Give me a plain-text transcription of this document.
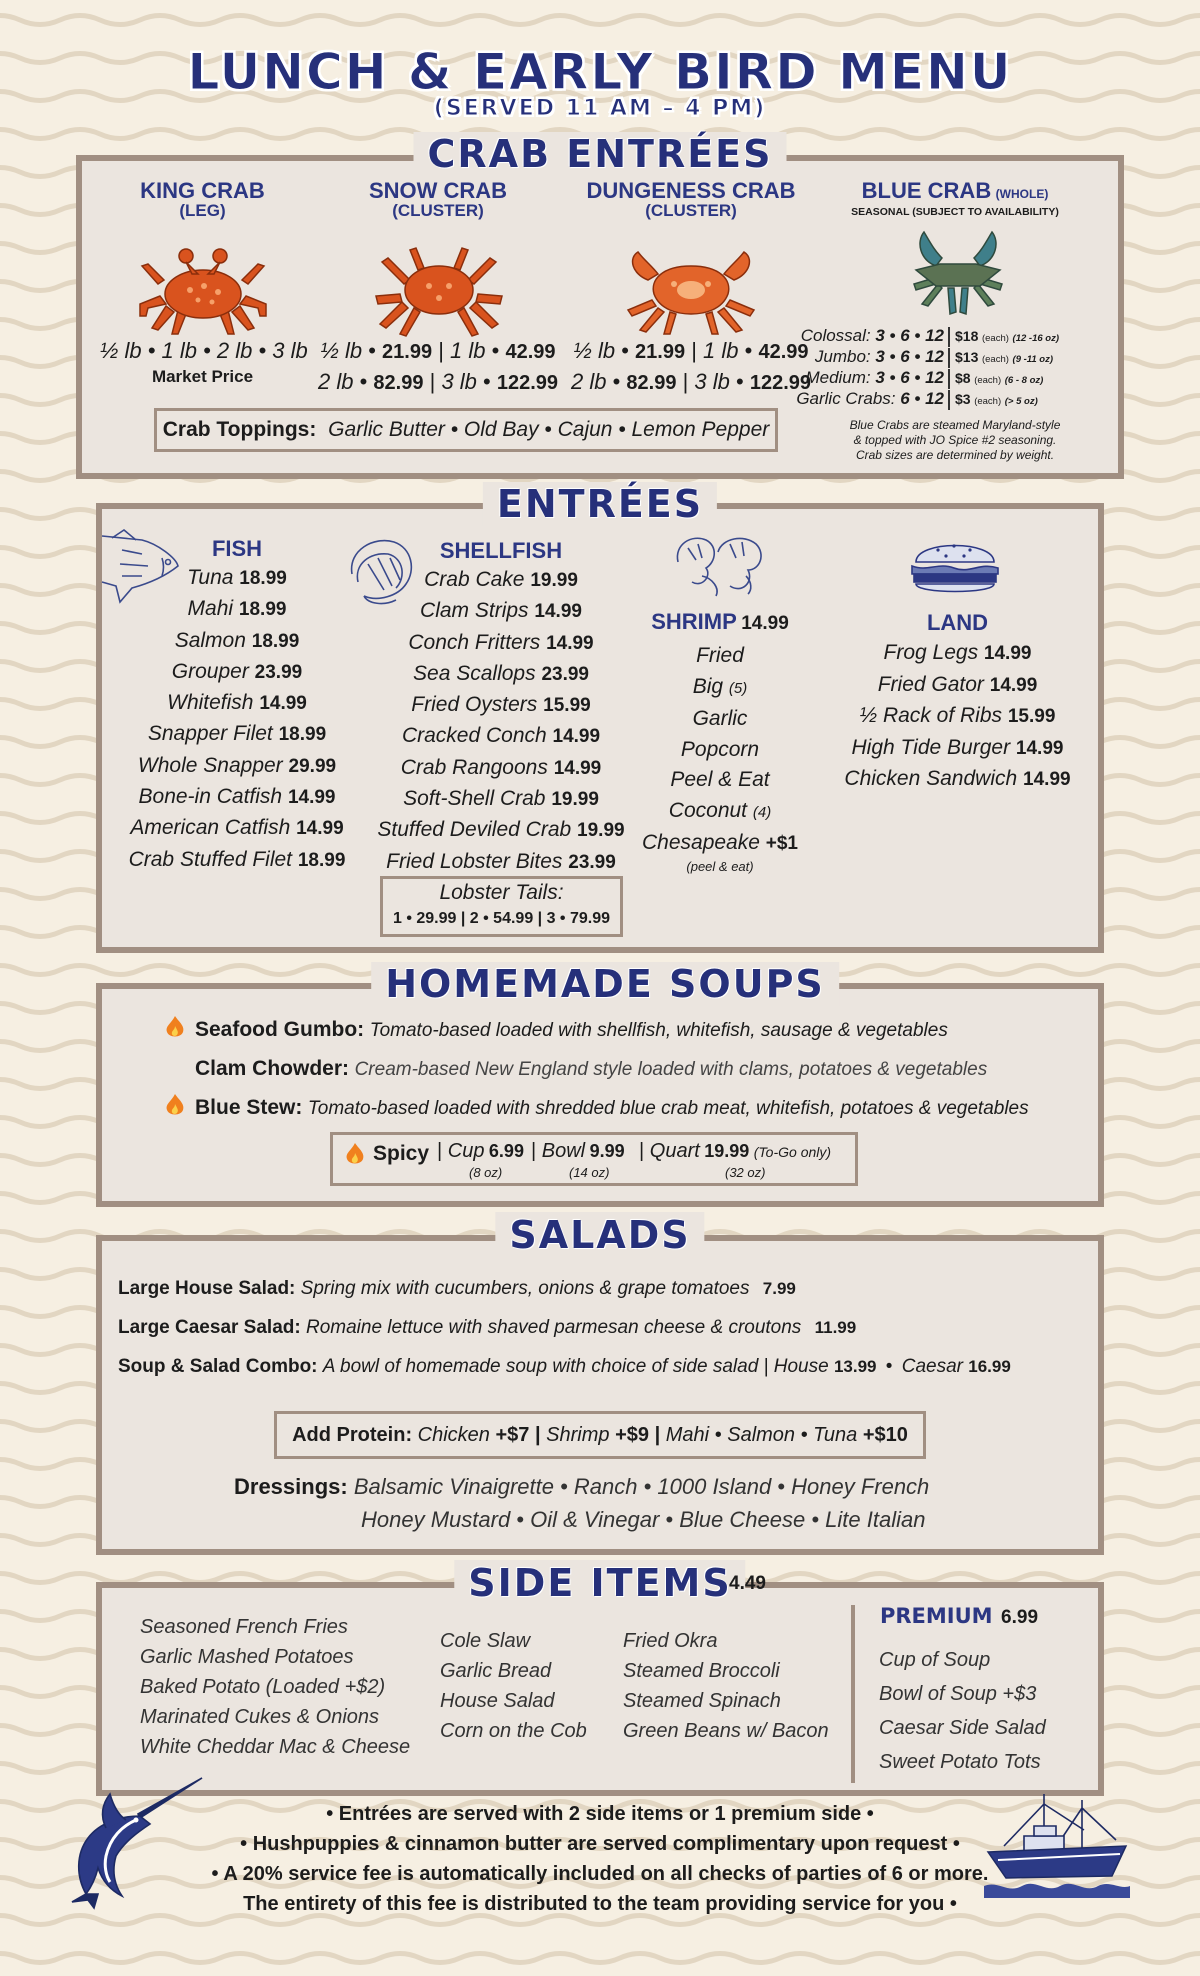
LUNCH & EARLY BIRD MENU
(SERVED 11 AM – 4 PM)
CRAB ENTRÉES
KING CRAB
(LEG)
½ lb • 1 lb • 2 lb • 3 lb
Market Price
SNOW CRAB
(CLUSTER)
½ lb • 21.99 | 1 lb • 42.99
2 lb • 82.99 | 3 lb • 122.99
DUNGENESS CRAB
(CLUSTER)
½ lb • 21.99 | 1 lb • 42.99
2 lb • 82.99 | 3 lb • 122.99
BLUE CRAB (WHOLE)
SEASONAL (SUBJECT TO AVAILABILITY)
Colossal: 3 • 6 • 12 $18 (each) (12 -16 oz)
Jumbo: 3 • 6 • 12 $13 (each) (9 -11 oz)
Medium: 3 • 6 • 12 $8 (each) (6 - 8 oz)
Garlic Crabs: 6 • 12 $3 (each) (> 5 oz)
Blue Crabs are steamed Maryland-style
& topped with JO Spice #2 seasoning.
Crab sizes are determined by weight.
Crab Toppings: Garlic Butter • Old Bay • Cajun • Lemon Pepper
ENTRÉES
FISH
Tuna 18.99
Mahi 18.99
Salmon 18.99
Grouper 23.99
Whitefish 14.99
Snapper Filet 18.99
Whole Snapper 29.99
Bone-in Catfish 14.99
American Catfish 14.99
Crab Stuffed Filet 18.99
SHELLFISH
Crab Cake 19.99
Clam Strips 14.99
Conch Fritters 14.99
Sea Scallops 23.99
Fried Oysters 15.99
Cracked Conch 14.99
Crab Rangoons 14.99
Soft-Shell Crab 19.99
Stuffed Deviled Crab 19.99
Fried Lobster Bites 23.99
Lobster Tails:
1 • 29.99 | 2 • 54.99 | 3 • 79.99
SHRIMP 14.99
Fried
Big (5)
Garlic
Popcorn
Peel & Eat
Coconut (4)
Chesapeake +$1
(peel & eat)
LAND
Frog Legs 14.99
Fried Gator 14.99
½ Rack of Ribs 15.99
High Tide Burger 14.99
Chicken Sandwich 14.99
HOMEMADE SOUPS
Seafood Gumbo: Tomato-based loaded with shellfish, whitefish, sausage & vegetables
Clam Chowder: Cream-based New England style loaded with clams, potatoes & vegetables
Blue Stew: Tomato-based loaded with shredded blue crab meat, whitefish, potatoes & vegetables
Spicy | Cup 6.99
(8 oz)
| Bowl 9.99
(14 oz)
| Quart 19.99 (To-Go only)
(32 oz)
SALADS
Large House Salad: Spring mix with cucumbers, onions & grape tomatoes 7.99
Large Caesar Salad: Romaine lettuce with shaved parmesan cheese & croutons 11.99
Soup & Salad Combo: A bowl of homemade soup with choice of side salad | House 13.99 • Caesar 16.99
Add Protein: Chicken +$7 | Shrimp +$9 | Mahi • Salmon • Tuna +$10
Dressings: Balsamic Vinaigrette • Ranch • 1000 Island • Honey French
Honey Mustard • Oil & Vinegar • Blue Cheese • Lite Italian
SIDE ITEMS
4.49
Seasoned French Fries
Garlic Mashed Potatoes
Baked Potato (Loaded +$2)
Marinated Cukes & Onions
White Cheddar Mac & Cheese
Cole Slaw
Garlic Bread
House Salad
Corn on the Cob
Fried Okra
Steamed Broccoli
Steamed Spinach
Green Beans w/ Bacon
PREMIUM 6.99
Cup of Soup
Bowl of Soup +$3
Caesar Side Salad
Sweet Potato Tots
• Entrées are served with 2 side items or 1 premium side •
• Hushpuppies & cinnamon butter are served complimentary upon request •
• A 20% service fee is automatically included on all checks of parties of 6 or more.
The entirety of this fee is distributed to the team providing service for you •
